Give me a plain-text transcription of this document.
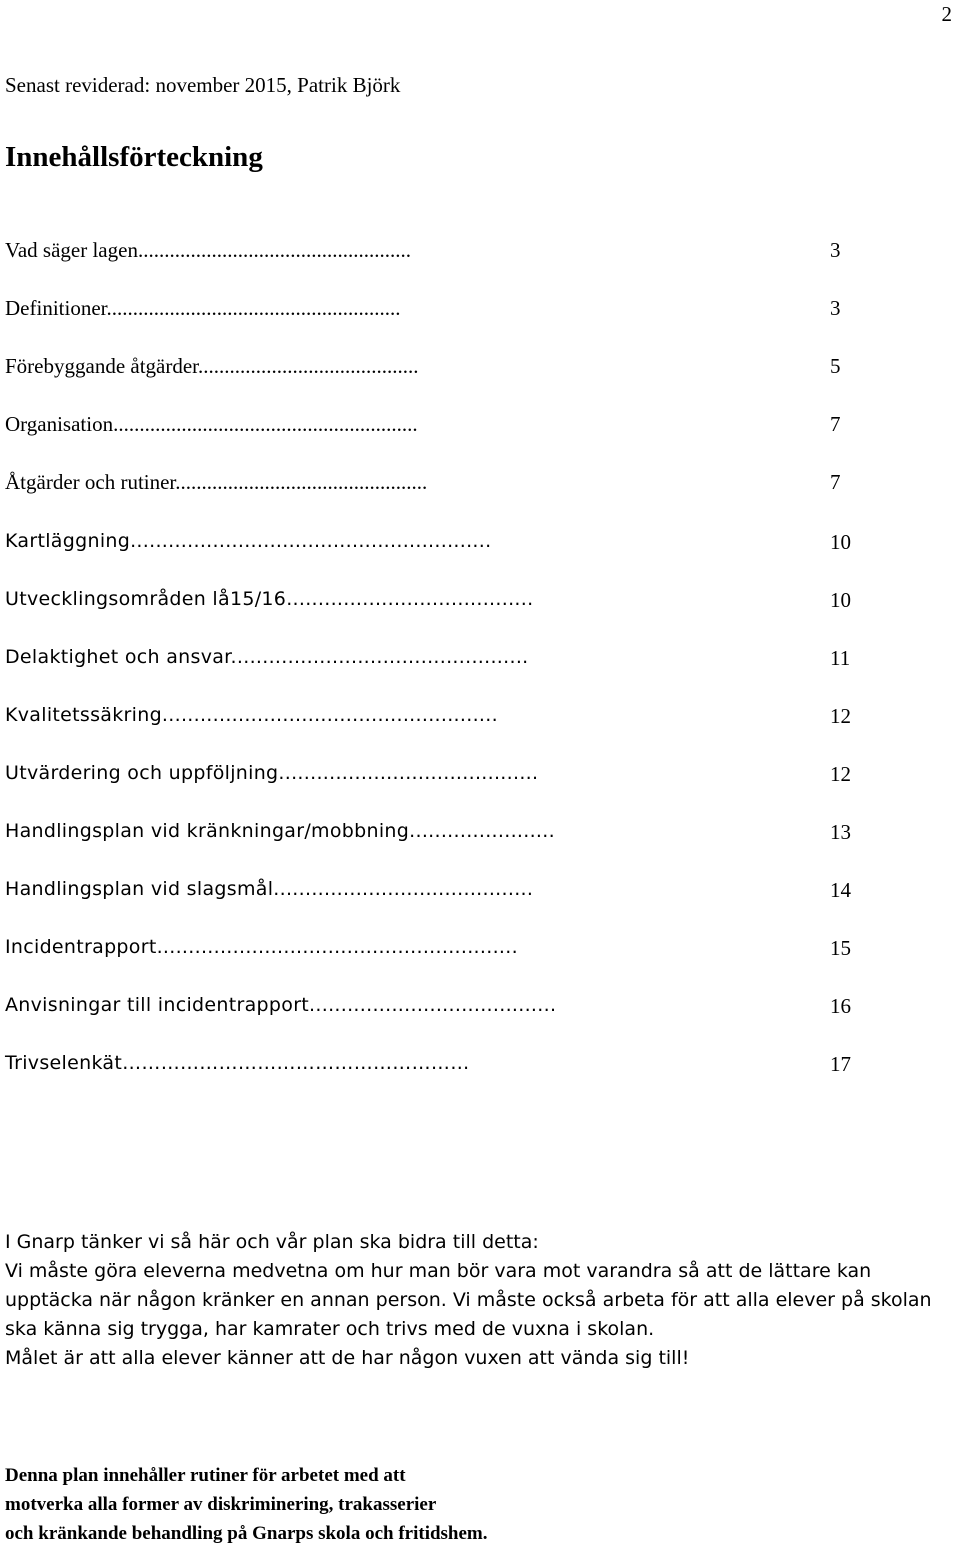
2
Senast reviderad: november 2015, Patrik Björk
Innehållsförteckning
Vad säger lagen....................................................	3
Definitioner........................................................	3
Förebyggande åtgärder..........................................	5
Organisation..........................................................	7
Åtgärder och rutiner................................................	7
Kartläggning.........................................................	10
Utvecklingsområden lå15/16.......................................	10
Delaktighet och ansvar...............................................	11
Kvalitetssäkring.....................................................	12
Utvärdering och uppföljning.........................................	12
Handlingsplan vid kränkningar/mobbning.......................	13
Handlingsplan vid slagsmål.........................................	14
Incidentrapport.........................................................	15
Anvisningar till incidentrapport.......................................	16
Trivselenkät………………………………………………	17

I Gnarp tänker vi så här och vår plan ska bidra till detta:

Vi måste göra eleverna medvetna om hur man bör vara mot varandra så att de lättare kan upptäcka när någon kränker en annan person. Vi måste också arbeta för att alla elever på skolan ska känna sig trygga, har kamrater och trivs med de vuxna i skolan.

Målet är att alla elever känner att de har någon vuxen att vända sig till!

Denna plan innehåller rutiner för arbetet med att

motverka alla former av diskriminering, trakasserier

och kränkande behandling på Gnarps skola och fritidshem.
